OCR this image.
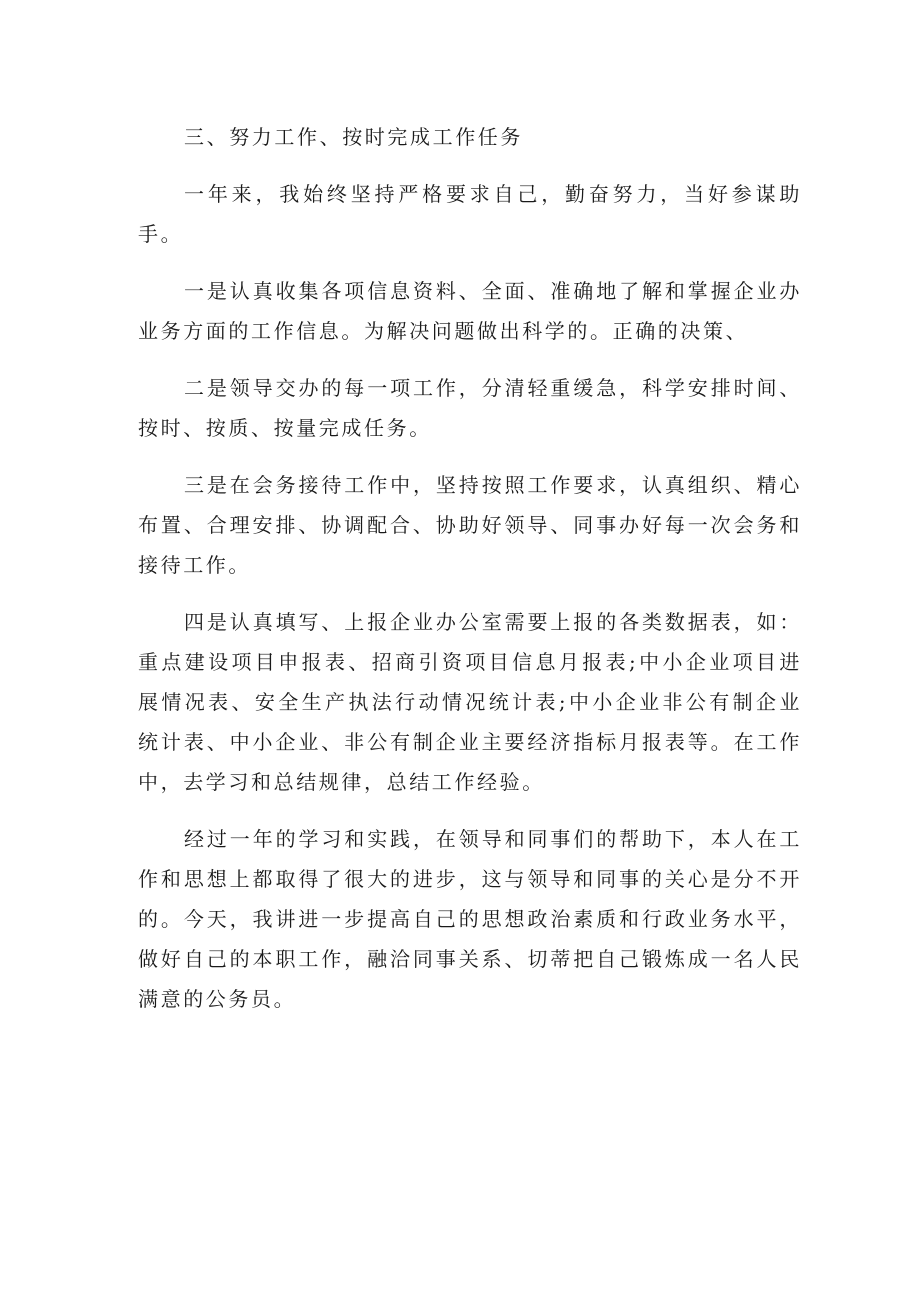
三、努力工作、按时完成工作任务

一年来，我始终坚持严格要求自己，勤奋努力，当好参谋助手。

一是认真收集各项信息资料、全面、准确地了解和掌握企业办业务方面的工作信息。为解决问题做出科学的。正确的决策、

二是领导交办的每一项工作，分清轻重缓急，科学安排时间、按时、按质、按量完成任务。

三是在会务接待工作中，坚持按照工作要求，认真组织、精心布置、合理安排、协调配合、协助好领导、同事办好每一次会务和接待工作。

四是认真填写、上报企业办公室需要上报的各类数据表，如：重点建设项目申报表、招商引资项目信息月报表;中小企业项目进展情况表、安全生产执法行动情况统计表;中小企业非公有制企业统计表、中小企业、非公有制企业主要经济指标月报表等。在工作中，去学习和总结规律，总结工作经验。

经过一年的学习和实践，在领导和同事们的帮助下，本人在工作和思想上都取得了很大的进步，这与领导和同事的关心是分不开的。今天，我讲进一步提高自己的思想政治素质和行政业务水平，做好自己的本职工作，融洽同事关系、切蒂把自己锻炼成一名人民满意的公务员。
